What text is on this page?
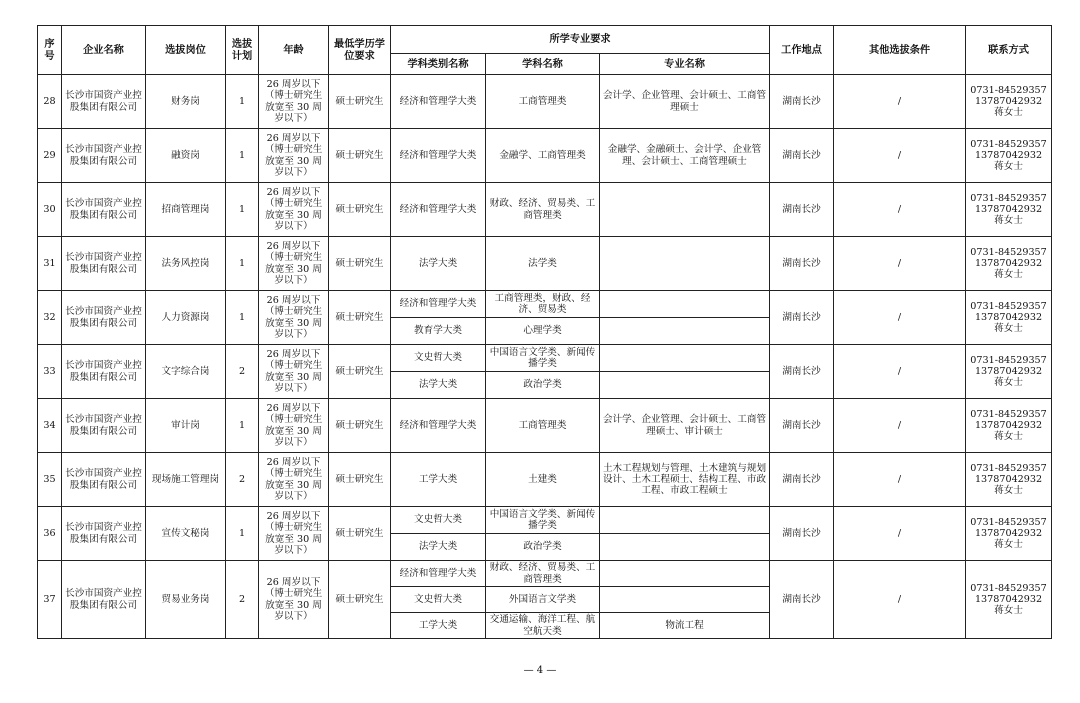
序号	企业名称	选拔岗位	选拔计划	年龄	最低学历学位要求	所学专业要求			工作地点	其他选拔条件	联系方式
						学科类别名称	学科名称	专业名称			
28	长沙市国资产业控股集团有限公司	财务岗	1	26 周岁以下（博士研究生放宽至 30 周岁以下）	硕士研究生	经济和管理学大类	工商管理类	会计学、企业管理、会计硕士、工商管理硕士	湖南长沙	/	0731-84529357
13787042932
蒋女士

29	长沙市国资产业控股集团有限公司	融资岗	1	26 周岁以下（博士研究生放宽至 30 周岁以下）	硕士研究生	经济和管理学大类	金融学、工商管理类	金融学、金融硕士、会计学、企业管理、会计硕士、工商管理硕士	湖南长沙	/	0731-84529357
13787042932
蒋女士

30	长沙市国资产业控股集团有限公司	招商管理岗	1	26 周岁以下（博士研究生放宽至 30 周岁以下）	硕士研究生	经济和管理学大类	财政、经济、贸易类、工商管理类		湖南长沙	/	0731-84529357
13787042932
蒋女士

31	长沙市国资产业控股集团有限公司	法务风控岗	1	26 周岁以下（博士研究生放宽至 30 周岁以下）	硕士研究生	法学大类	法学类		湖南长沙	/	0731-84529357
13787042932
蒋女士

32	长沙市国资产业控股集团有限公司	人力资源岗	1	26 周岁以下（博士研究生放宽至 30 周岁以下）	硕士研究生	经济和管理学大类	工商管理类，财政、经济、贸易类		湖南长沙	/	0731-84529357
13787042932
蒋女士

						教育学大类	心理学类				
33	长沙市国资产业控股集团有限公司	文字综合岗	2	26 周岁以下（博士研究生放宽至 30 周岁以下）	硕士研究生	文史哲大类	中国语言文学类、新闻传播学类		湖南长沙	/	0731-84529357
13787042932
蒋女士

						法学大类	政治学类				
34	长沙市国资产业控股集团有限公司	审计岗	1	26 周岁以下（博士研究生放宽至 30 周岁以下）	硕士研究生	经济和管理学大类	工商管理类	会计学、企业管理、会计硕士、工商管理硕士、审计硕士	湖南长沙	/	0731-84529357
13787042932
蒋女士

35	长沙市国资产业控股集团有限公司	现场施工管理岗	2	26 周岁以下（博士研究生放宽至 30 周岁以下）	硕士研究生	工学大类	土建类	土木工程规划与管理、土木建筑与规划设计、土木工程硕士、结构工程、市政工程、市政工程硕士	湖南长沙	/	0731-84529357
13787042932
蒋女士

36	长沙市国资产业控股集团有限公司	宣传文秘岗	1	26 周岁以下（博士研究生放宽至 30 周岁以下）	硕士研究生	文史哲大类	中国语言文学类、新闻传播学类		湖南长沙	/	0731-84529357
13787042932
蒋女士

						法学大类	政治学类				
37	长沙市国资产业控股集团有限公司	贸易业务岗	2	26 周岁以下（博士研究生放宽至 30 周岁以下）	硕士研究生	经济和管理学大类	财政、经济、贸易类、工商管理类		湖南长沙	/	0731-84529357
13787042932
蒋女士

						文史哲大类	外国语言文学类				
						工学大类	交通运输、海洋工程、航空航天类	物流工程			
— 4 —
